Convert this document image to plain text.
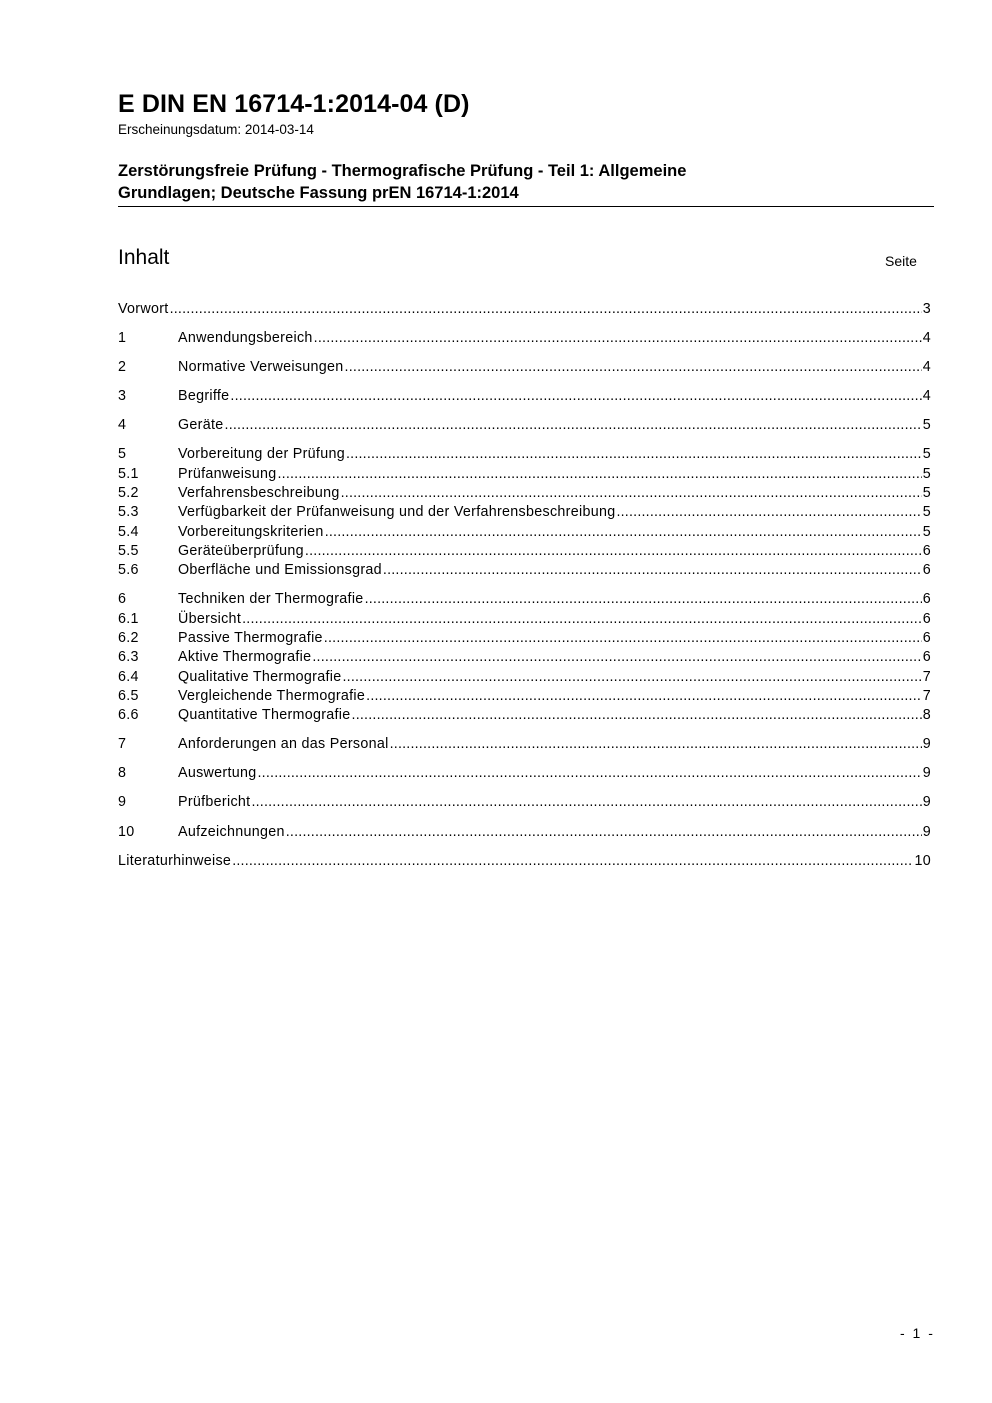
E DIN EN 16714-1:2014-04 (D)
Erscheinungsdatum: 2014-03-14
Zerstörungsfreie Prüfung - Thermografische Prüfung - Teil 1: Allgemeine
Grundlagen; Deutsche Fassung prEN 16714-1:2014
Inhalt	Seite
Vorwort .....	3
1	Anwendungsbereich .....	4
2	Normative Verweisungen .....	4
3	Begriffe .....	4
4	Geräte .....	5
5	Vorbereitung der Prüfung .....	5
5.1	Prüfanweisung .....	5
5.2	Verfahrensbeschreibung .....	5
5.3	Verfügbarkeit der Prüfanweisung und der Verfahrensbeschreibung .....	5
5.4	Vorbereitungskriterien .....	5
5.5	Geräteüberprüfung .....	6
5.6	Oberfläche und Emissionsgrad .....	6
6	Techniken der Thermografie .....	6
6.1	Übersicht .....	6
6.2	Passive Thermografie .....	6
6.3	Aktive Thermografie .....	6
6.4	Qualitative Thermografie .....	7
6.5	Vergleichende Thermografie .....	7
6.6	Quantitative Thermografie .....	8
7	Anforderungen an das Personal .....	9
8	Auswertung .....	9
9	Prüfbericht .....	9
10	Aufzeichnungen .....	9
Literaturhinweise .....	10
- 1 -
